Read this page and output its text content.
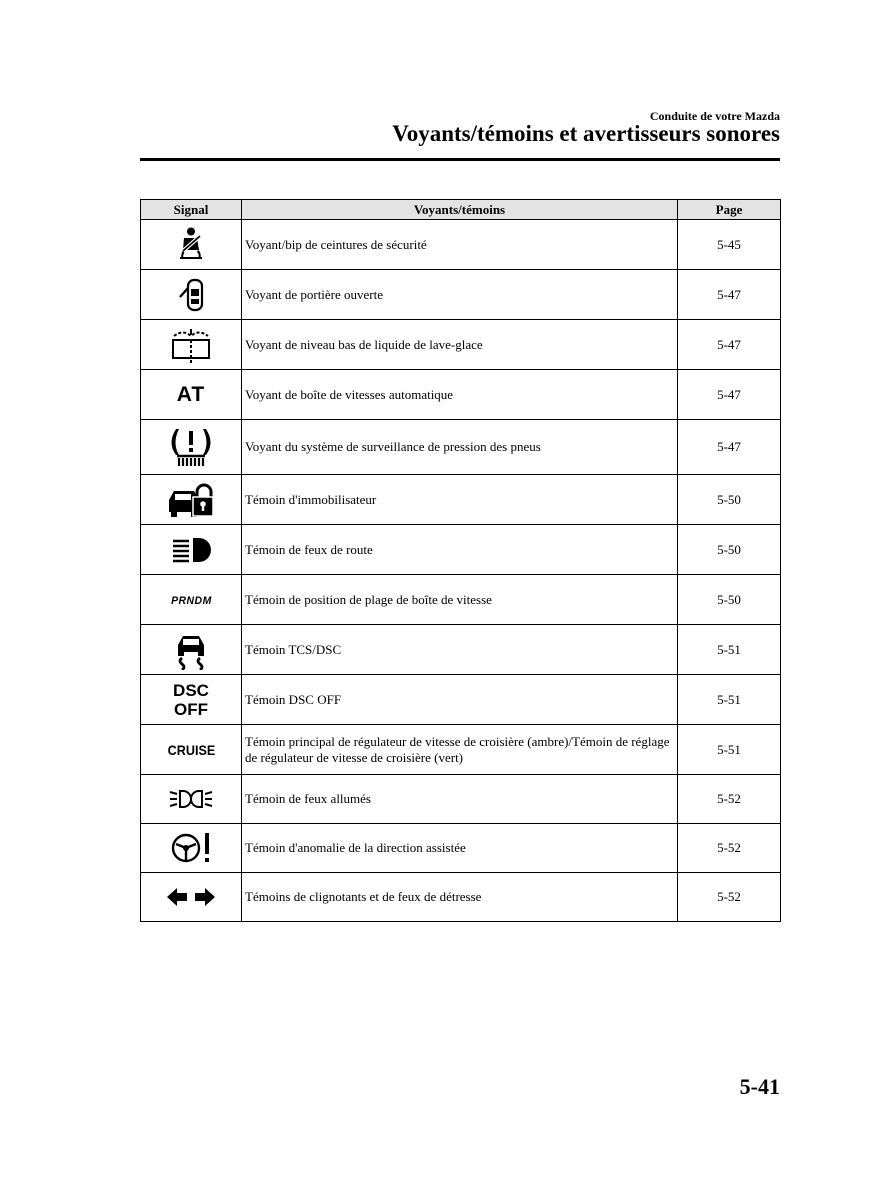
Conduite de votre Mazda
Voyants/témoins et avertisseurs sonores
Signal	Voyants/témoins	Page
	Voyant/bip de ceintures de sécurité	5-45
	Voyant de portière ouverte	5-47
	Voyant de niveau bas de liquide de lave-glace	5-47
AT	Voyant de boîte de vitesses automatique	5-47
	Voyant du système de surveillance de pression des pneus	5-47
	Témoin d'immobilisateur	5-50
	Témoin de feux de route	5-50
PRNDM	Témoin de position de plage de boîte de vitesse	5-50
	Témoin TCS/DSC	5-51

DSC
OFF	Témoin DSC OFF	5-51
CRUISE	Témoin principal de régulateur de vitesse de croisière (ambre)/Témoin de réglage de régulateur de vitesse de croisière (vert)	5-51
	Témoin de feux allumés	5-52
	Témoin d'anomalie de la direction assistée	5-52
	Témoins de clignotants et de feux de détresse	5-52
5-41
